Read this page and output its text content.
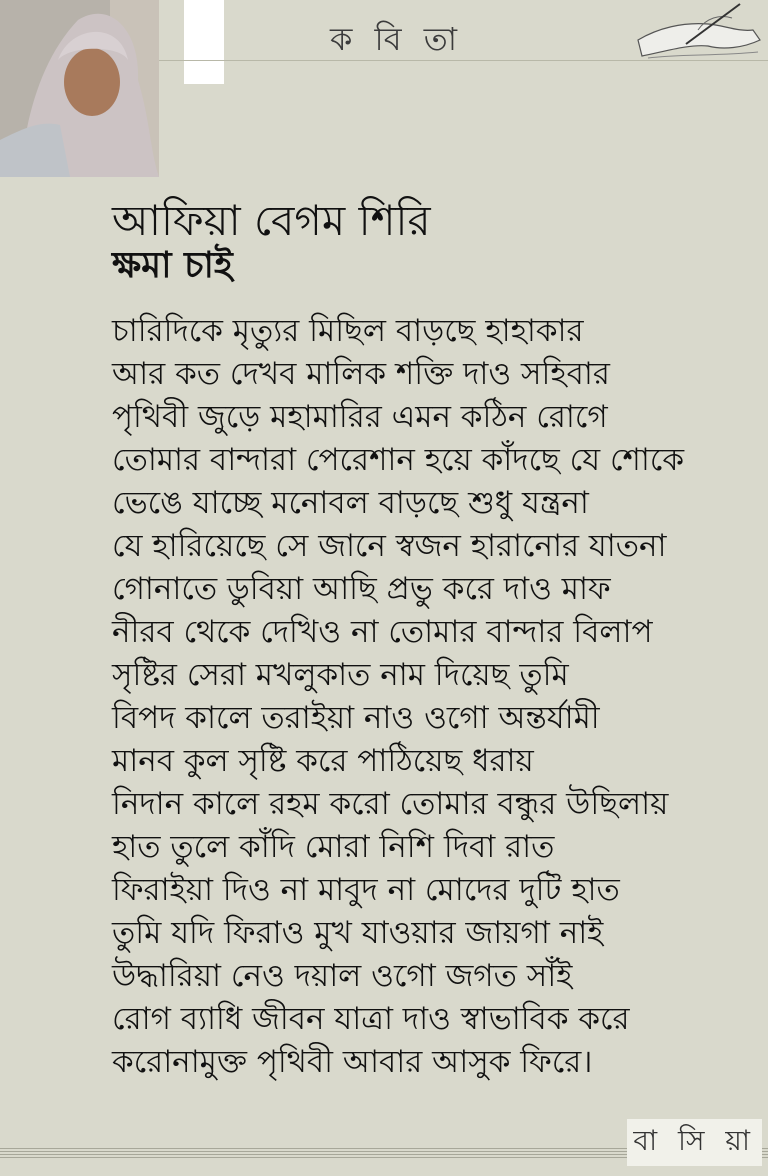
ক বি তা
আফিয়া বেগম শিরি
ক্ষমা চাই
চারিদিকে মৃত্যুর মিছিল বাড়ছে হাহাকার
আর কত দেখব মালিক শক্তি দাও সহিবার
পৃথিবী জুড়ে মহামারির এমন কঠিন রোগে
তোমার বান্দারা পেরেশান হয়ে কাঁদছে যে শোকে
ভেঙে যাচ্ছে মনোবল বাড়ছে শুধু যন্ত্রনা
যে হারিয়েছে সে জানে স্বজন হারানোর যাতনা
গোনাতে ডুবিয়া আছি প্রভু করে দাও মাফ
নীরব থেকে দেখিও না তোমার বান্দার বিলাপ
সৃষ্টির সেরা মখলুকাত নাম দিয়েছ তুমি
বিপদ কালে তরাইয়া নাও ওগো অন্তর্যামী
মানব কুল সৃষ্টি করে পাঠিয়েছ ধরায়
নিদান কালে রহম করো তোমার বন্ধুর উছিলায়
হাত তুলে কাঁদি মোরা নিশি দিবা রাত
ফিরাইয়া দিও না মাবুদ না মোদের দুটি হাত
তুমি যদি ফিরাও মুখ যাওয়ার জায়গা নাই
উদ্ধারিয়া নেও দয়াল ওগো জগত সাঁই
রোগ ব্যাধি জীবন যাত্রা দাও স্বাভাবিক করে
করোনামুক্ত পৃথিবী আবার আসুক ফিরে।
বা সি য়া
